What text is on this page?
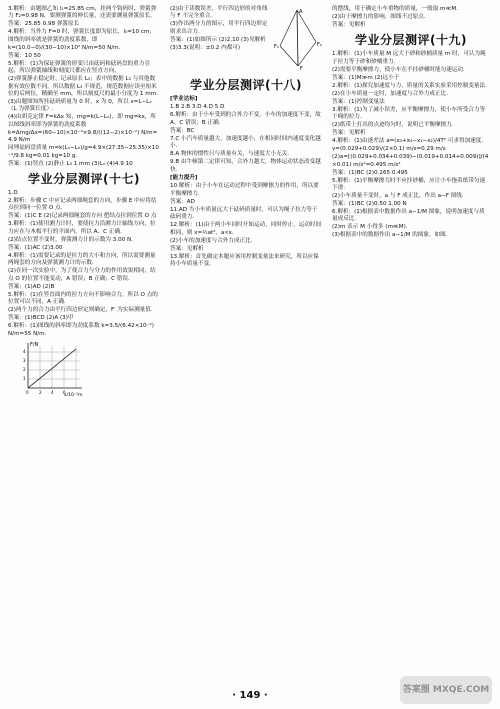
3.解析：由题图乙知 l₁=25.85 cm，挂两个钩码时，弹簧弹力 F₂=0.98 N，要测弹簧的伸长量，还需要测量弹簧原长。
答案：25.85 0.98 弹簧原长
4.解析：当外力 F=0 时，弹簧长度即为原长，l₀=10 cm；图线的斜率就是弹簧的劲度系数，即
k=(10.0−0)/(30−10)×10² N/m=50 N/m.
答案：10 50
5.解析：(1)为保证弹簧的形变只由砝码和砝码盘的重力引起，所以弹簧轴线和刻度尺都应在竖直方向。
(2)弹簧静止稳定时，记录原长 L₀；表中的数据 L₃ 与其他数据有效位数不同，所以数据 L₃ 不规范，规范数据应读至厘米位的后两位，精确至 mm，所以刻度尺的最小分度为 1 mm.
(3)由题图知所挂砝码质量为 0 时，x 为 0，所以 x=L−Lₓ（L 为弹簧长度）.
(4)由胡克定律 F=kΔx 知，mg=k(L−Lₓ)，即 mg=kx，所以图线斜率即为弹簧的劲度系数
k=Δmg/Δx=(60−10)×10⁻³×9.8/((12−2)×10⁻²) N/m=4.9 N/m
同理砝码盘质量 m=k(Lₓ−L₀)/g=4.9×(27.35−25.35)×10⁻²/9.8 kg=0.01 kg=10 g.
答案：(1)竖直 (2)静止 L₃ 1 mm (3)Lₓ (4)4.9 10
学业分层测评(十七)
1.D
2.解析：步骤 C 中应记录两细绳套的方向，步骤 E 中应将结点拉到同一位置 O 点.
答案：(1)C E (2)记录两细绳套的方向 把结点拉到位置 O 点
3.解析：(1)使用测力计时，要使拉力沿测力计轴线方向，拉力应在与木板平行的平面内，所以 A、C 正确.
(2)结点位置不变时，弹簧测力计的示数为 3.00 N.
答案：(1)AC (2)3.00
4.解析：(1)需要记录的是拉力的大小和方向，所以需要测量两绳套的方向及弹簧测力计的示数.
(2)在同一次实验中，为了使合力与分力的作用效果相同，结点 O 的位置不能变动，A 错误；B 正确；C 错误.
答案：(1)AD (2)B
5.解析：(1)在竖直面内的拉力方向不影响合力，所以 O 点的位置可以不同，A 正确.
(2)两个力的合力由平行四边形定则确定，F′ 为实际测量值.
答案：(1)BCD (2)A (3)甲
6.解析：(1)图线的斜率即为劲度系数 k=3.5/(6.42×10⁻²) N/m=55 N/m.
F/N
x/10⁻²m
1
2
3
4
0	2 4 6
A
F₁	F₂
F
(2)由于读数误差，平行四边形的对角线与 F 不完全重合。
(3)作出两分力的图示，用平行四边形定则求出合力.
答案：(1)如图所示 (2)2.10 (3)见解析
(3)3.3(说明：±0.2 内都可)
学业分层测评(十八)
[学业达标]
1.B 2.B 3.D 4.D 5.D
6.解析：由于小车受到的合外力不变，小车的加速度不变，故 A、C 错误；B 正确.
答案：BC
7.C 小汽车质量越大，加速度越小，在相同时间内速度变化越小.
8.A 物体的惯性只与质量有关，与速度大小无关.
9.B 由牛顿第二定律可知，合外力越大，物体运动状态改变越快.
[能力提升]
10.解析：由于小车在运动过程中受到摩擦力的作用，所以要平衡摩擦力.
答案：AD
11.AD 当小车质量远大于砝码质量时，可认为绳子拉力等于砝码重力.
12.解析：(1)由于两小车同时开始运动，同时停止，运动时间相同，则 x=½at²，a∝x.
(2)小车的加速度与合外力成正比.
答案：见解析
13.解析：首先确定本题应该用控制变量法来研究，所以应保持小车质量不变.
的摆线，用于确定小车重物的质量，一般取 m≪M.
(2)由于摩擦力的影响，图线不过原点.
答案：见解析
学业分层测评(十九)
1.解析：(1)小车质量 M 远大于砂和砂桶质量 m 时，可认为绳子拉力等于砂和砂桶重力.
(2)需要平衡摩擦力，使小车在不挂砂桶时能匀速运动.
答案：(1)M≫m (2)远小于
2.解析：(1)探究加速度与力、质量的关系实验采用控制变量法.
(2)在小车质量一定时，加速度与合外力成正比.
答案：(1)控制变量法
3.解析：(1)为了减小误差，应平衡摩擦力，使小车所受合力等于绳的拉力.
(2)纸带上打出的点迹均匀时，说明已平衡摩擦力.
答案：见解析
4.解析：(1)由逐差法 a=(x₃+x₄−x₁−x₂)/4T² 可求得加速度.
v=(0.029+0.029)/(2×0.1) m/s=0.29 m/s
(2)a=[(0.029+0.034+0.039)−(0.019+0.014+0.009)]/(4×0.01) m/s²=0.495 m/s²
答案：(1)BC (2)0.265 0.495
5.解析：(1)平衡摩擦力时不应挂砂桶，应让小车拖着纸带匀速下滑.
(2)小车质量不变时，a 与 F 成正比，作出 a−F 图线.
答案：(1)BC (2)0.50 1.00 N
6.解析：(1)根据表中数据作出 a−1/M 图象，说明加速度与质量成反比.
(2)m 表示 M 小得多 (m≪M).
(3)根据表中的数据作出 a−1/M 的图象，如图.
· 149 ·	答案圈 MXQE.COM
